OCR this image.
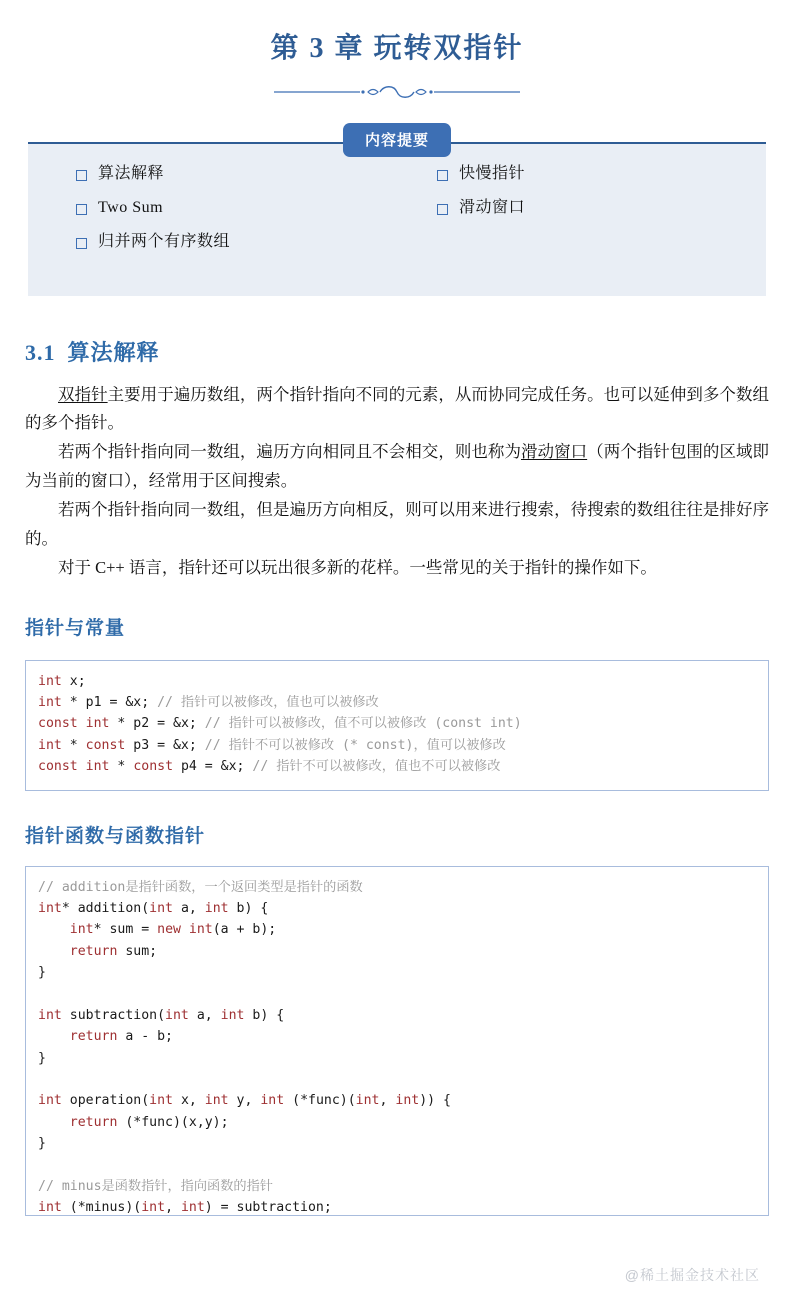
第 3 章 玩转双指针
内容提要
算法解释
Two Sum
归并两个有序数组
快慢指针
滑动窗口
3.1 算法解释
双指针主要用于遍历数组，两个指针指向不同的元素，从而协同完成任务。也可以延伸到多个数组的多个指针。
若两个指针指向同一数组，遍历方向相同且不会相交，则也称为滑动窗口（两个指针包围的区域即为当前的窗口），经常用于区间搜索。
若两个指针指向同一数组，但是遍历方向相反，则可以用来进行搜索，待搜索的数组往往是排好序的。
对于 C++ 语言，指针还可以玩出很多新的花样。一些常见的关于指针的操作如下。
指针与常量
int x;
int * p1 = &x; // 指针可以被修改，值也可以被修改
const int * p2 = &x; // 指针可以被修改，值不可以被修改 (const int)
int * const p3 = &x; // 指针不可以被修改 (* const)，值可以被修改
const int * const p4 = &x; // 指针不可以被修改，值也不可以被修改
指针函数与函数指针
// addition是指针函数，一个返回类型是指针的函数
int* addition(int a, int b) {
int* sum = new int(a + b);
return sum;
}

int subtraction(int a, int b) {
return a - b;
}

int operation(int x, int y, int (*func)(int, int)) {
return (*func)(x,y);
}

// minus是函数指针，指向函数的指针
int (*minus)(int, int) = subtraction;
@稀土掘金技术社区
